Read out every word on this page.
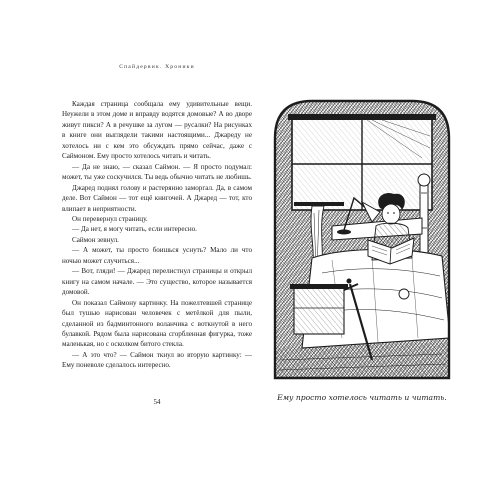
Спайдервик. Хроники

Каждая страница сообщала ему удивительные вещи. Неужели в этом доме и вправду водятся домовые? А во дворе живут пикси? А в речушке за лугом — русалки? На рисунках в книге они выглядели такими настоящими... Джареду не хотелось ни с кем это обсуждать прямо сейчас, даже с Саймоном. Ему просто хотелось читать и читать.

— Да не знаю, — сказал Саймон. — Я просто подумал: может, ты уже соскучился. Ты ведь обычно читать не любишь.

Джаред поднял голову и растерянно заморгал. Да, в самом деле. Вот Саймон — тот ещё книгочей. А Джаред — тот, кто влипает в неприятности.

Он перевернул страницу.

— Да нет, я могу читать, если интересно.

Саймон зевнул.

— А может, ты просто боишься уснуть? Мало ли что ночью может случиться...

— Вот, гляди! — Джаред перелистнул страницы и открыл книгу на самом начале. — Это существо, которое называется домовой.

Он показал Саймону картинку. На пожелтевшей странице был тушью нарисован человечек с метёлкой для пыли, сделанной из бадминтонного воланчика с воткнутой в него булавкой. Рядом была нарисована сгорбленная фигурка, тоже маленькая, но с осколком битого стекла.

— А это что? — Саймон ткнул во вторую картинку: — Ему поневоле сделалось интересно.

54	Ему просто хотелось читать и читать.
